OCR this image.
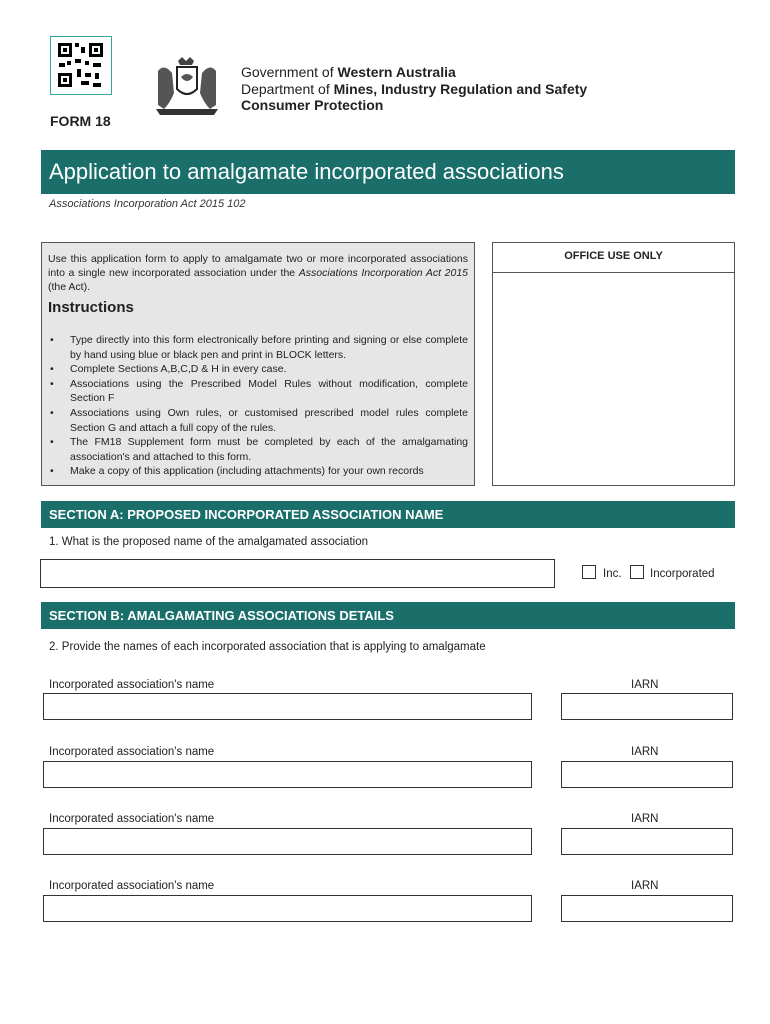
Government of Western Australia
Department of Mines, Industry Regulation and Safety
Consumer Protection
FORM 18
Application to amalgamate incorporated associations
Associations Incorporation Act 2015 102
Use this application form to apply to amalgamate two or more incorporated associations into a single new incorporated association under the Associations Incorporation Act 2015 (the Act).
Instructions
• Type directly into this form electronically before printing and signing or else complete by hand using blue or black pen and print in BLOCK letters.
• Complete Sections A,B,C,D & H in every case.
• Associations using the Prescribed Model Rules without modification, complete Section F
• Associations using Own rules, or customised prescribed model rules complete Section G and attach a full copy of the rules.
• The FM18 Supplement form must be completed by each of the amalgamating association's and attached to this form.
• Make a copy of this application (including attachments) for your own records
OFFICE USE ONLY
SECTION A: PROPOSED INCORPORATED ASSOCIATION NAME
1. What is the proposed name of the amalgamated association
Inc. Incorporated
SECTION B: AMALGAMATING ASSOCIATIONS DETAILS
2. Provide the names of each incorporated association that is applying to amalgamate
Incorporated association's name	IARN
Incorporated association's name	IARN
Incorporated association's name	IARN
Incorporated association's name	IARN
